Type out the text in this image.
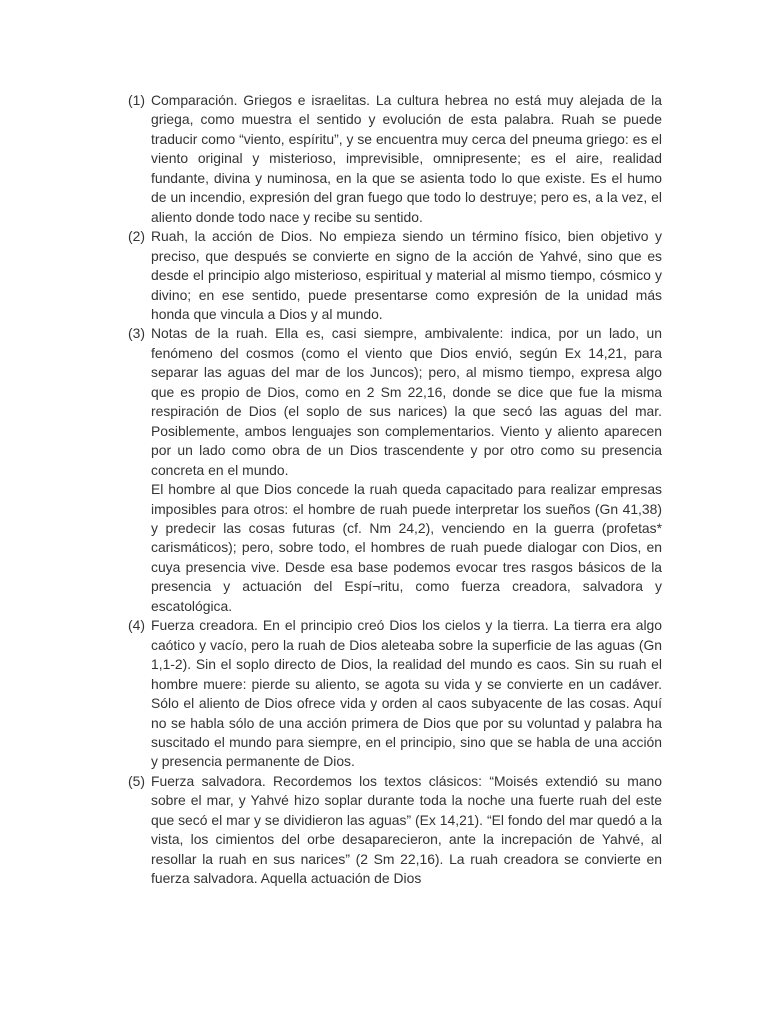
(1) Comparación. Griegos e israelitas. La cultura hebrea no está muy alejada de la griega, como muestra el sentido y evolución de esta palabra. Ruah se puede traducir como “viento, espíritu”, y se encuentra muy cerca del pneuma griego: es el viento original y misterioso, imprevisible, omnipresente; es el aire, realidad fundante, divina y numinosa, en la que se asienta todo lo que existe. Es el humo de un incendio, expresión del gran fuego que todo lo destruye; pero es, a la vez, el aliento donde todo nace y recibe su sentido.
(2) Ruah, la acción de Dios. No empieza siendo un término físico, bien objetivo y preciso, que después se convierte en signo de la acción de Yahvé, sino que es desde el principio algo misterioso, espiritual y material al mismo tiempo, cósmico y divino; en ese sentido, puede presentarse como expresión de la unidad más honda que vincula a Dios y al mundo.
(3) Notas de la ruah. Ella es, casi siempre, ambivalente: indica, por un lado, un fenómeno del cosmos (como el viento que Dios envió, según Ex 14,21, para separar las aguas del mar de los Juncos); pero, al mismo tiempo, expresa algo que es propio de Dios, como en 2 Sm 22,16, donde se dice que fue la misma respiración de Dios (el soplo de sus narices) la que secó las aguas del mar. Posiblemente, ambos lenguajes son complementarios. Viento y aliento aparecen por un lado como obra de un Dios trascendente y por otro como su presencia concreta en el mundo.

El hombre al que Dios concede la ruah queda capacitado para realizar empresas imposibles para otros: el hombre de ruah puede interpretar los sueños (Gn 41,38) y predecir las cosas futuras (cf. Nm 24,2), venciendo en la guerra (profetas* carismáticos); pero, sobre todo, el hombres de ruah puede dialogar con Dios, en cuya presencia vive. Desde esa base podemos evocar tres rasgos básicos de la presencia y actuación del Espí¬ritu, como fuerza creadora, salvadora y escatológica.

(4) Fuerza creadora. En el principio creó Dios los cielos y la tierra. La tierra era algo caótico y vacío, pero la ruah de Dios aleteaba sobre la superficie de las aguas (Gn 1,1-2). Sin el soplo directo de Dios, la realidad del mundo es caos. Sin su ruah el hombre muere: pierde su aliento, se agota su vida y se convierte en un cadáver. Sólo el aliento de Dios ofrece vida y orden al caos subyacente de las cosas. Aquí no se habla sólo de una acción primera de Dios que por su voluntad y palabra ha suscitado el mundo para siempre, en el principio, sino que se habla de una acción y presencia permanente de Dios.
(5) Fuerza salvadora. Recordemos los textos clásicos: “Moisés extendió su mano sobre el mar, y Yahvé hizo soplar durante toda la noche una fuerte ruah del este que secó el mar y se dividieron las aguas” (Ex 14,21). “El fondo del mar quedó a la vista, los cimientos del orbe desaparecieron, ante la increpación de Yahvé, al resollar la ruah en sus narices” (2 Sm 22,16). La ruah creadora se convierte en fuerza salvadora. Aquella actuación de Dios
